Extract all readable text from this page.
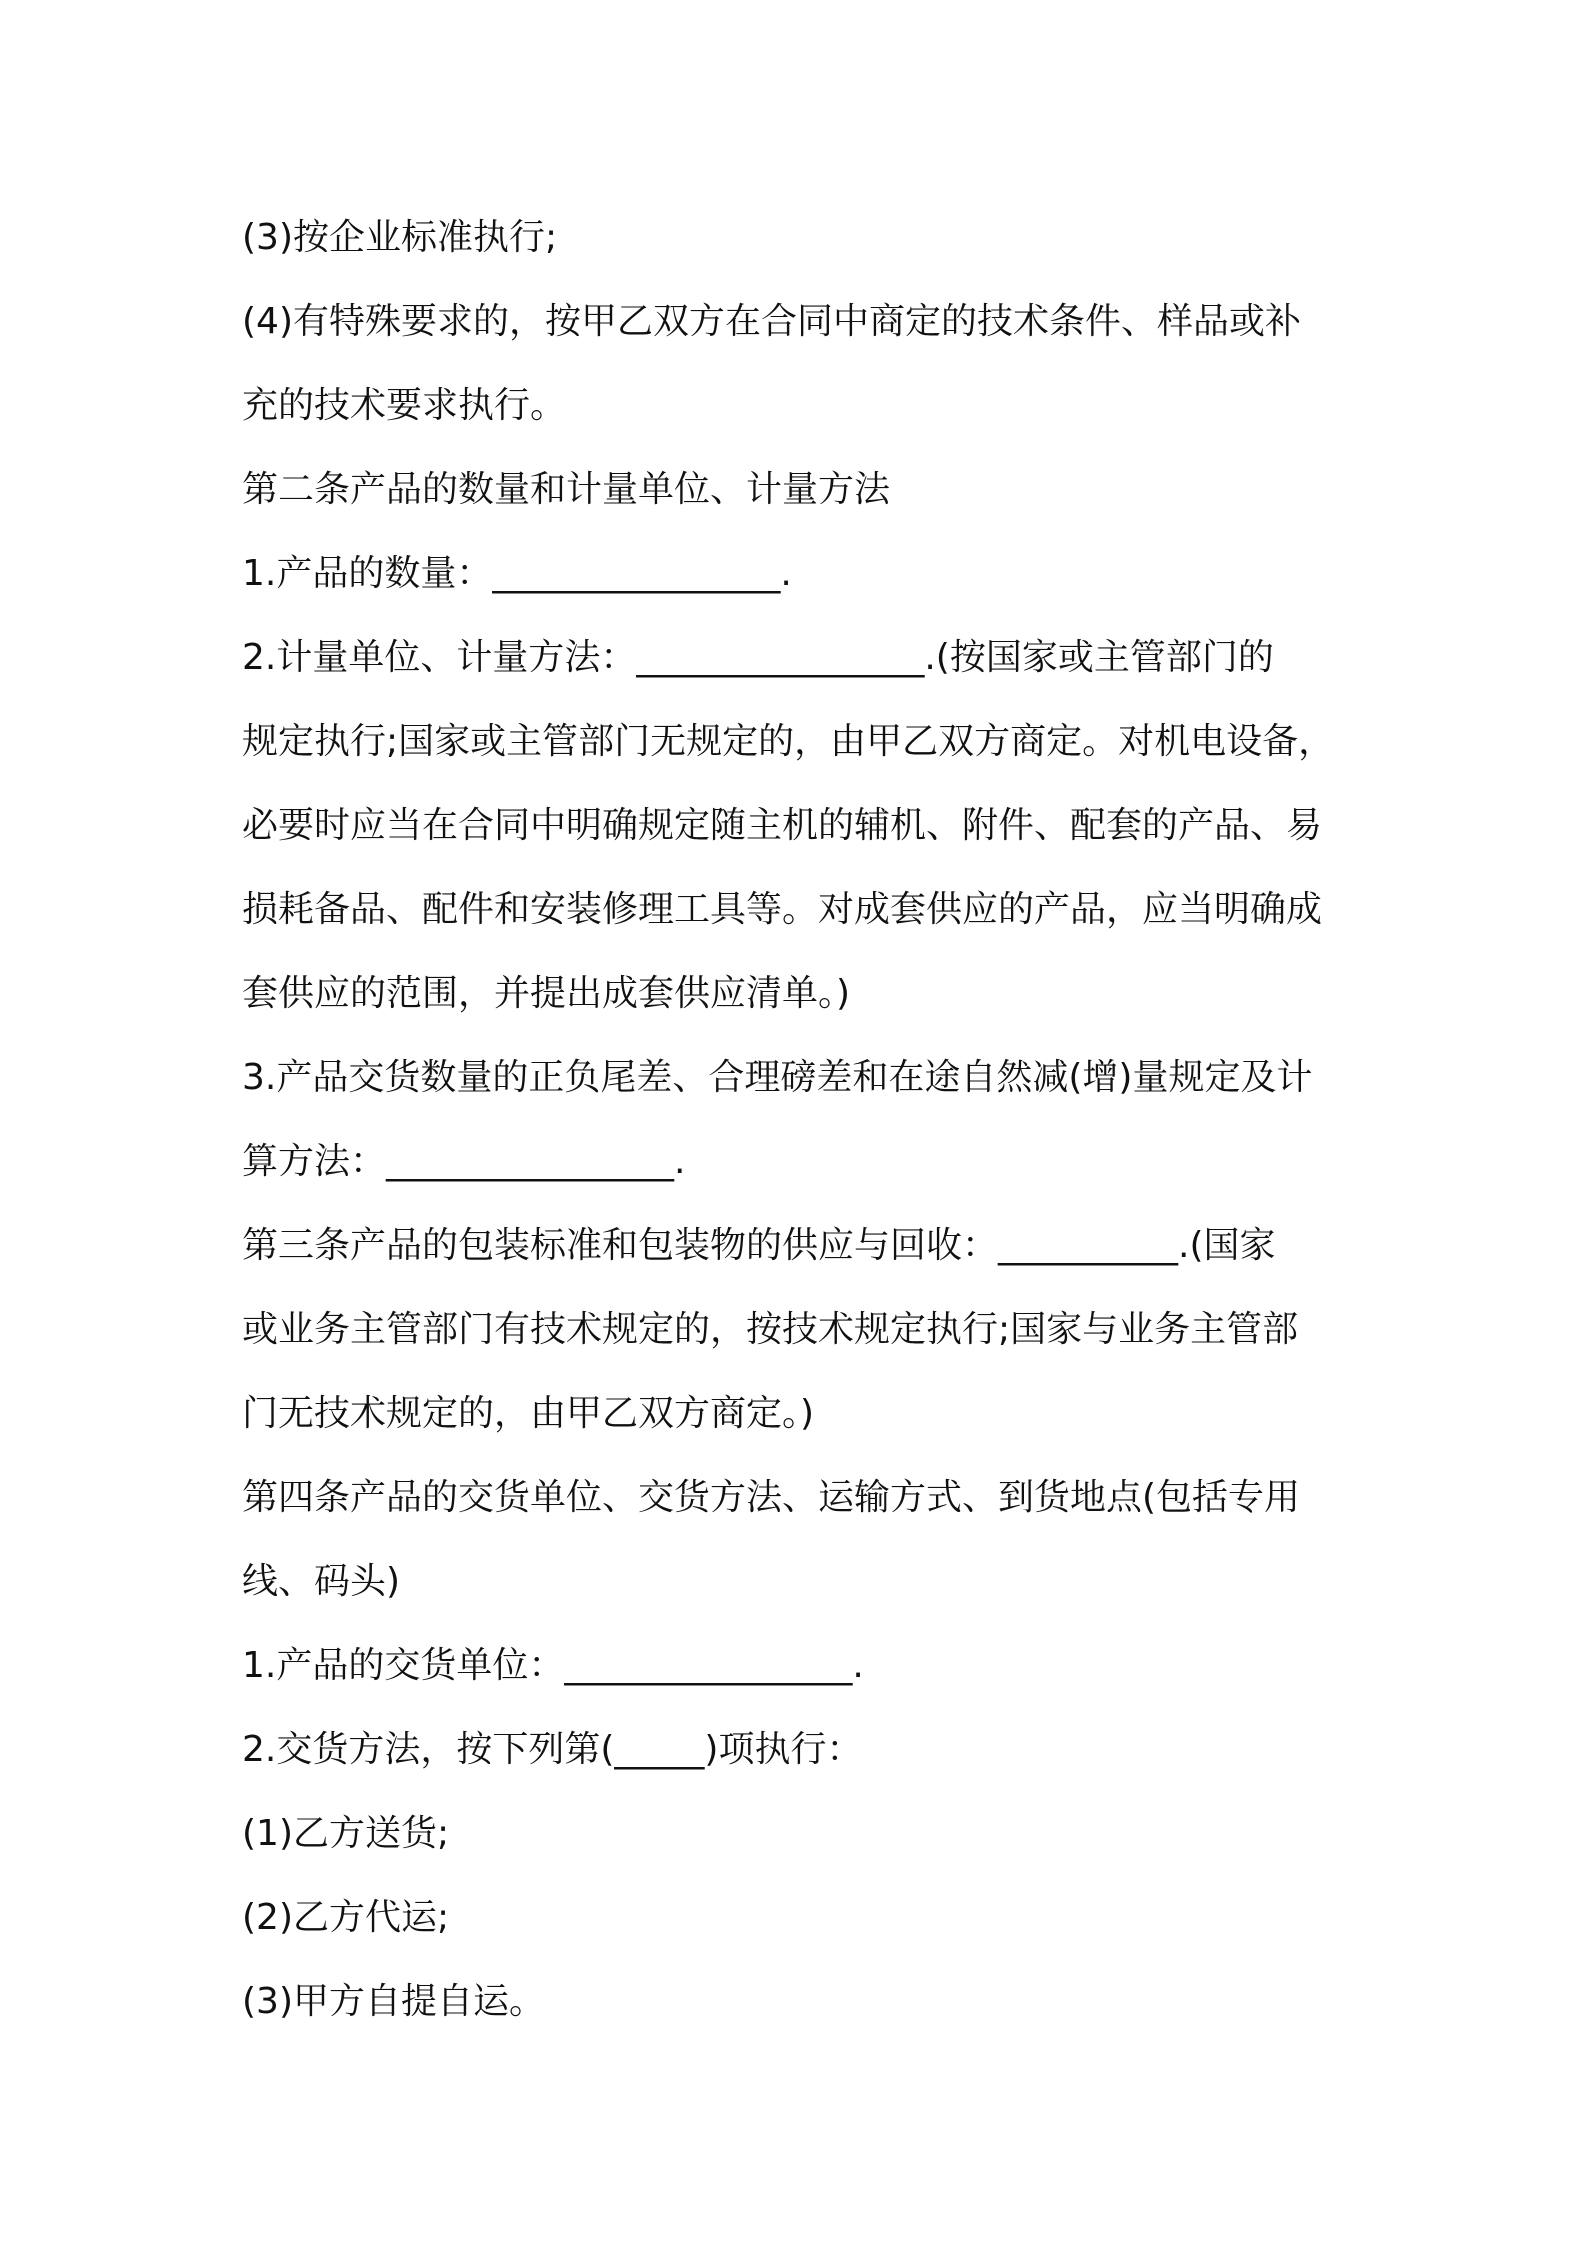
(3)按企业标准执行;

(4)有特殊要求的，按甲乙双方在合同中商定的技术条件、样品或补

充的技术要求执行。

第二条产品的数量和计量单位、计量方法

1.产品的数量：________________.

2.计量单位、计量方法：________________.(按国家或主管部门的

规定执行;国家或主管部门无规定的，由甲乙双方商定。对机电设备，

必要时应当在合同中明确规定随主机的辅机、附件、配套的产品、易

损耗备品、配件和安装修理工具等。对成套供应的产品，应当明确成

套供应的范围，并提出成套供应清单。)

3.产品交货数量的正负尾差、合理磅差和在途自然减(增)量规定及计

算方法：________________.

第三条产品的包装标准和包装物的供应与回收：__________.(国家

或业务主管部门有技术规定的，按技术规定执行;国家与业务主管部

门无技术规定的，由甲乙双方商定。)

第四条产品的交货单位、交货方法、运输方式、到货地点(包括专用

线、码头)

1.产品的交货单位：________________.

2.交货方法，按下列第(_____)项执行：

(1)乙方送货;

(2)乙方代运;

(3)甲方自提自运。
